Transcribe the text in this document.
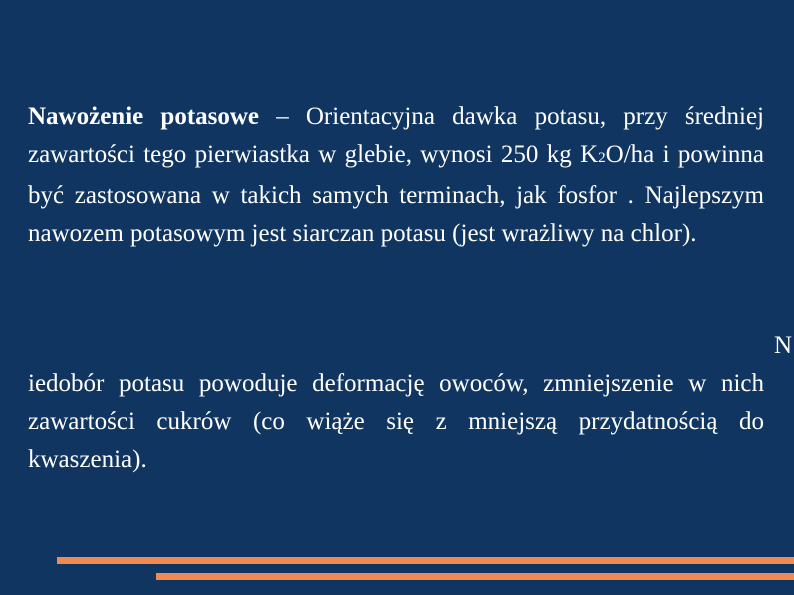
Nawożenie potasowe – Orientacyjna dawka potasu, przy średniej zawartości tego pierwiastka w glebie, wynosi 250 kg K2O/ha i powinna być zastosowana w takich samych terminach, jak fosfor . Najlepszym nawozem potasowym jest siarczan potasu (jest wrażliwy na chlor).
N
iedobór potasu powoduje deformację owoców, zmniejszenie w nich zawartości cukrów (co wiąże się z mniejszą przydatnością do kwaszenia).
